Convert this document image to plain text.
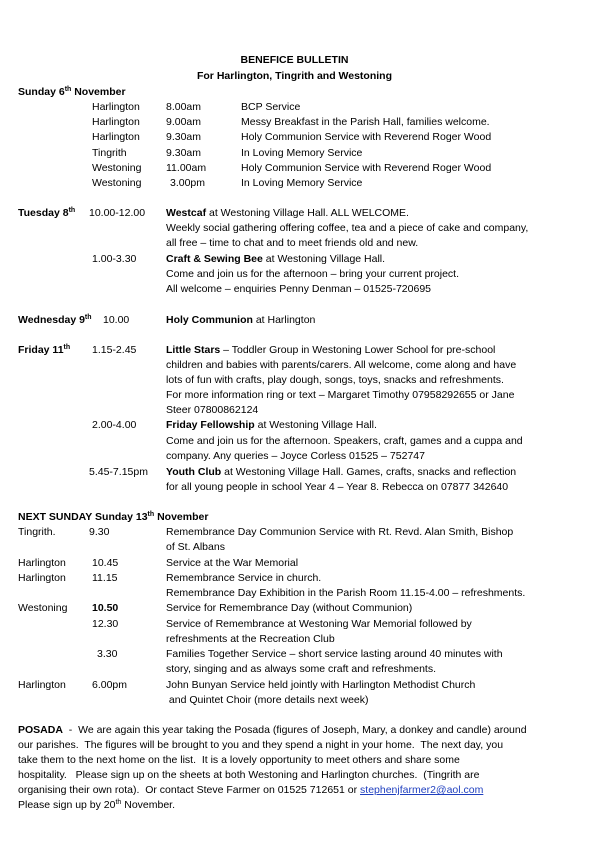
BENEFICE BULLETIN
For Harlington, Tingrith and Westoning
Sunday 6th November
Harlington 8.00am	BCP Service
Harlington 9.00am	Messy Breakfast in the Parish Hall, families welcome.
Harlington 9.30am	Holy Communion Service with Reverend Roger Wood
Tingrith	9.30am	In Loving Memory Service
Westoning 11.00am	Holy Communion Service with Reverend Roger Wood
Westoning	3.00pm	In Loving Memory Service
Tuesday 8th 10.00-12.00 Westcaf at Westoning Village Hall. ALL WELCOME.
Weekly social gathering offering coffee, tea and a piece of cake and company,
all free – time to chat and to meet friends old and new.
1.00-3.30	Craft & Sewing Bee at Westoning Village Hall.
Come and join us for the afternoon – bring your current project.
All welcome – enquiries Penny Denman – 01525-720695
Wednesday 9th 10.00	Holy Communion at Harlington
Friday 11th 1.15-2.45	Little Stars – Toddler Group in Westoning Lower School for pre-school
children and babies with parents/carers. All welcome, come along and have
lots of fun with crafts, play dough, songs, toys, snacks and refreshments.
For more information ring or text – Margaret Timothy 07958292655 or Jane
Steer 07800862124
2.00-4.00	Friday Fellowship at Westoning Village Hall.
Come and join us for the afternoon. Speakers, craft, games and a cuppa and
company. Any queries – Joyce Corless 01525 – 752747
5.45-7.15pm Youth Club at Westoning Village Hall. Games, crafts, snacks and reflection
for all young people in school Year 4 – Year 8. Rebecca on 07877 342640
NEXT SUNDAY Sunday 13th November
Tingrith.	9.30	Remembrance Day Communion Service with Rt. Revd. Alan Smith, Bishop
of St. Albans
Harlington 10.45	Service at the War Memorial
Harlington 11.15	Remembrance Service in church.
Remembrance Day Exhibition in the Parish Room 11.15-4.00 – refreshments.
Westoning 10.50	Service for Remembrance Day (without Communion)
12.30	Service of Remembrance at Westoning War Memorial followed by
refreshments at the Recreation Club
3.30	Families Together Service – short service lasting around 40 minutes with
story, singing and as always some craft and refreshments.
Harlington 6.00pm	John Bunyan Service held jointly with Harlington Methodist Church
and Quintet Choir (more details next week)
POSADA  -  We are again this year taking the Posada (figures of Joseph, Mary, a donkey and candle) around
our parishes.  The figures will be brought to you and they spend a night in your home.  The next day, you
take them to the next home on the list.  It is a lovely opportunity to meet others and share some
hospitality.   Please sign up on the sheets at both Westoning and Harlington churches.  (Tingrith are
organising their own rota).  Or contact Steve Farmer on 01525 712651 or stephenjfarmer2@aol.com
Please sign up by 20th November.
